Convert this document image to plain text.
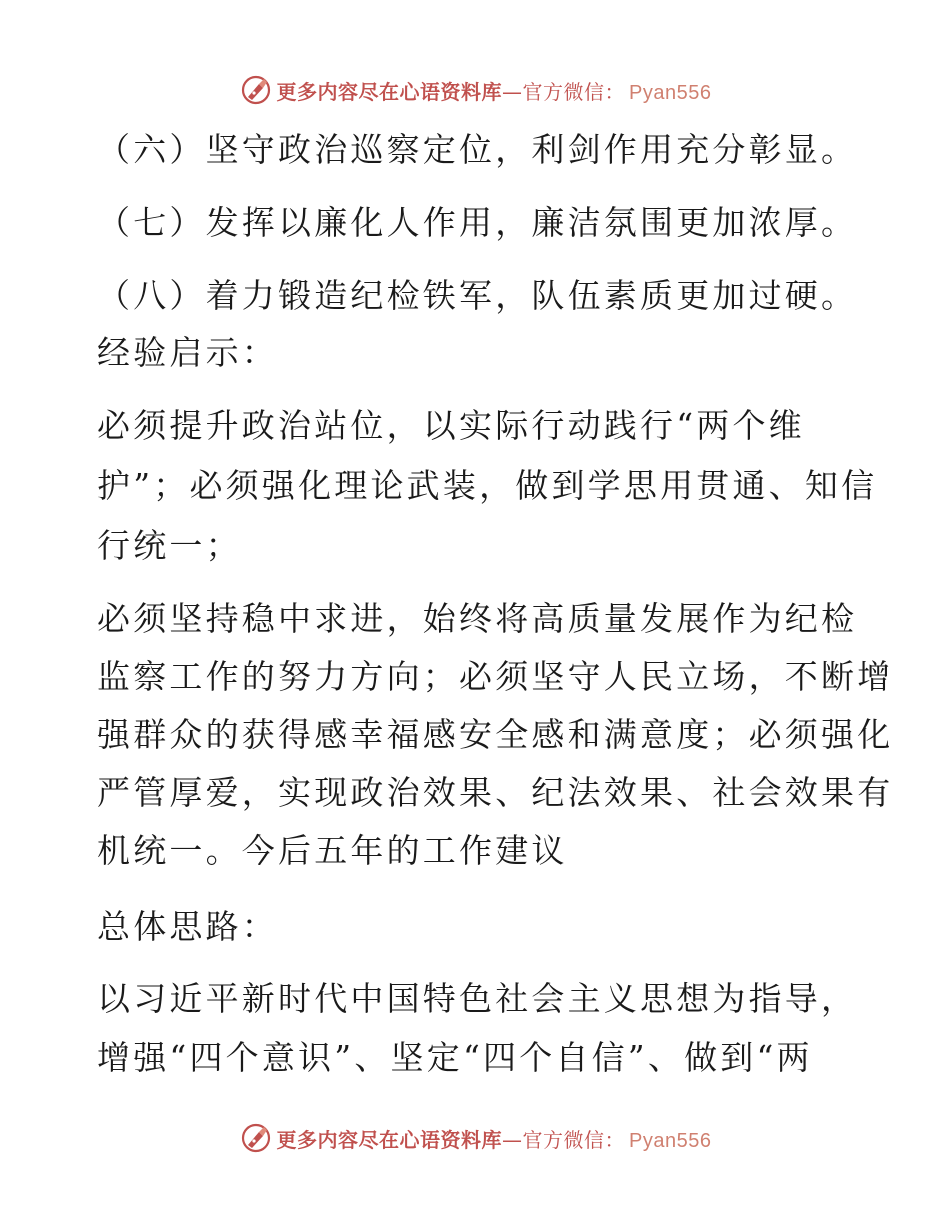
更多内容尽在心语资料库—官方微信： Pyan556
（六）坚守政治巡察定位，利剑作用充分彰显。
（七）发挥以廉化人作用，廉洁氛围更加浓厚。
（八）着力锻造纪检铁军，队伍素质更加过硬。
经验启示：
必须提升政治站位，以实际行动践行“两个维
护”；必须强化理论武装，做到学思用贯通、知信
行统一；
必须坚持稳中求进，始终将高质量发展作为纪检
监察工作的努力方向；必须坚守人民立场，不断增
强群众的获得感幸福感安全感和满意度；必须强化
严管厚爱，实现政治效果、纪法效果、社会效果有
机统一。今后五年的工作建议
总体思路：
以习近平新时代中国特色社会主义思想为指导，
增强“四个意识”、坚定“四个自信”、做到“两
更多内容尽在心语资料库—官方微信： Pyan556
